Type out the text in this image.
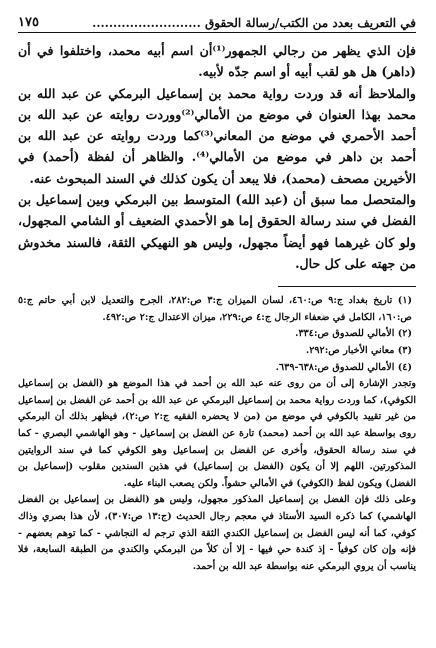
في التعريف بعدد من الكتب/رسالة الحقوق ..........................
١٧٥

فإن الذي يظهر من رجالي الجمهور⁽¹⁾أن اسم أبيه محمد، واختلفوا في أن (داهر) هل هو لقب أبيه أو اسم جدّه لأبيه.

والملاحظ أنه قد وردت رواية محمد بن إسماعيل البرمكي عن عبد الله بن محمد بهذا العنوان في موضع من الأمالي⁽²⁾ووردت روايته عن عبد الله بن أحمد الأحمري في موضع من المعاني⁽³⁾كما وردت روايته عن عبد الله بن أحمد بن داهر في موضع من الأمالي⁽⁴⁾. والظاهر أن لفظة (أحمد) في الأخيرين مصحف (محمد)، فلا يبعد أن يكون كذلك في السند المبحوث عنه.

والمتحصل مما سبق أن (عبد الله) المتوسط بين البرمكي وبين إسماعيل بن الفضل في سند رسالة الحقوق إما هو الأحمدي الضعيف أو الشامي المجهول، ولو كان غيرهما فهو أيضاً مجهول، وليس هو النهيكي الثقة، فالسند مخدوش من جهته على كل حال.

(١) تاريخ بغداد ج:٩ ص:٤٦٠، لسان الميزان ج:٣ ص:٢٨٢، الجرح والتعديل لابن أبي حاتم ج:٥ ص:١٦٠، الكامل في ضعفاء الرجال ج:٤ ص:٢٢٩، ميزان الاعتدال ج:٢ ص:٤٩٢.

(٢) الأمالي للصدوق ص:٣٣٤.

(٣) معاني الأخبار ص:٢٩٢.

(٤) الأمالي للصدوق ص:٦٣٨-٦٣٩.

وتجدر الإشارة إلى أن من روى عنه عبد الله بن أحمد في هذا الموضع هو (الفضل بن إسماعيل الكوفي)، كما وردت رواية محمد بن إسماعيل البرمكي عن عبد الله بن أحمد عن الفضل بن إسماعيل من غير تقييد بالكوفي في موضع من (من لا يحضره الفقيه ج:٢ ص:٢)، فيظهر بذلك أن البرمكي روى بواسطة عبد الله بن أحمد (محمد) تارة عن الفضل بن إسماعيل - وهو الهاشمي البصري - كما في سند رسالة الحقوق، وأخرى عن الفضل بن إسماعيل وهو الكوفي كما في سند الروايتين المذكورتين. اللهم إلا أن يكون (الفضل بن إسماعيل) في هذين السندين مقلوب (إسماعيل بن الفضل) ويكون لفظ (الكوفي) في الأمالي حشواً. ولكن يصعب البناء عليه.

وعلى ذلك فإن الفضل بن إسماعيل المذكور مجهول، وليس هو (الفضل بن إسماعيل بن الفضل الهاشمي) كما ذكره السيد الأستاذ في معجم رجال الحديث (ج:١٣ ص:٣٠٧)، لأن هذا بصري وذاك كوفي، كما أنه ليس الفضل بن إسماعيل الكندي الثقة الذي ترجم له النجاشي - كما توهم بعضهم - فإنه وإن كان كوفياً - إذ كندة حي فيها - إلا أن كلاً من البرمكي والكندي من الطبقة السابعة، فلا يناسب أن يروي البرمكي عنه بواسطة عبد الله بن أحمد.
